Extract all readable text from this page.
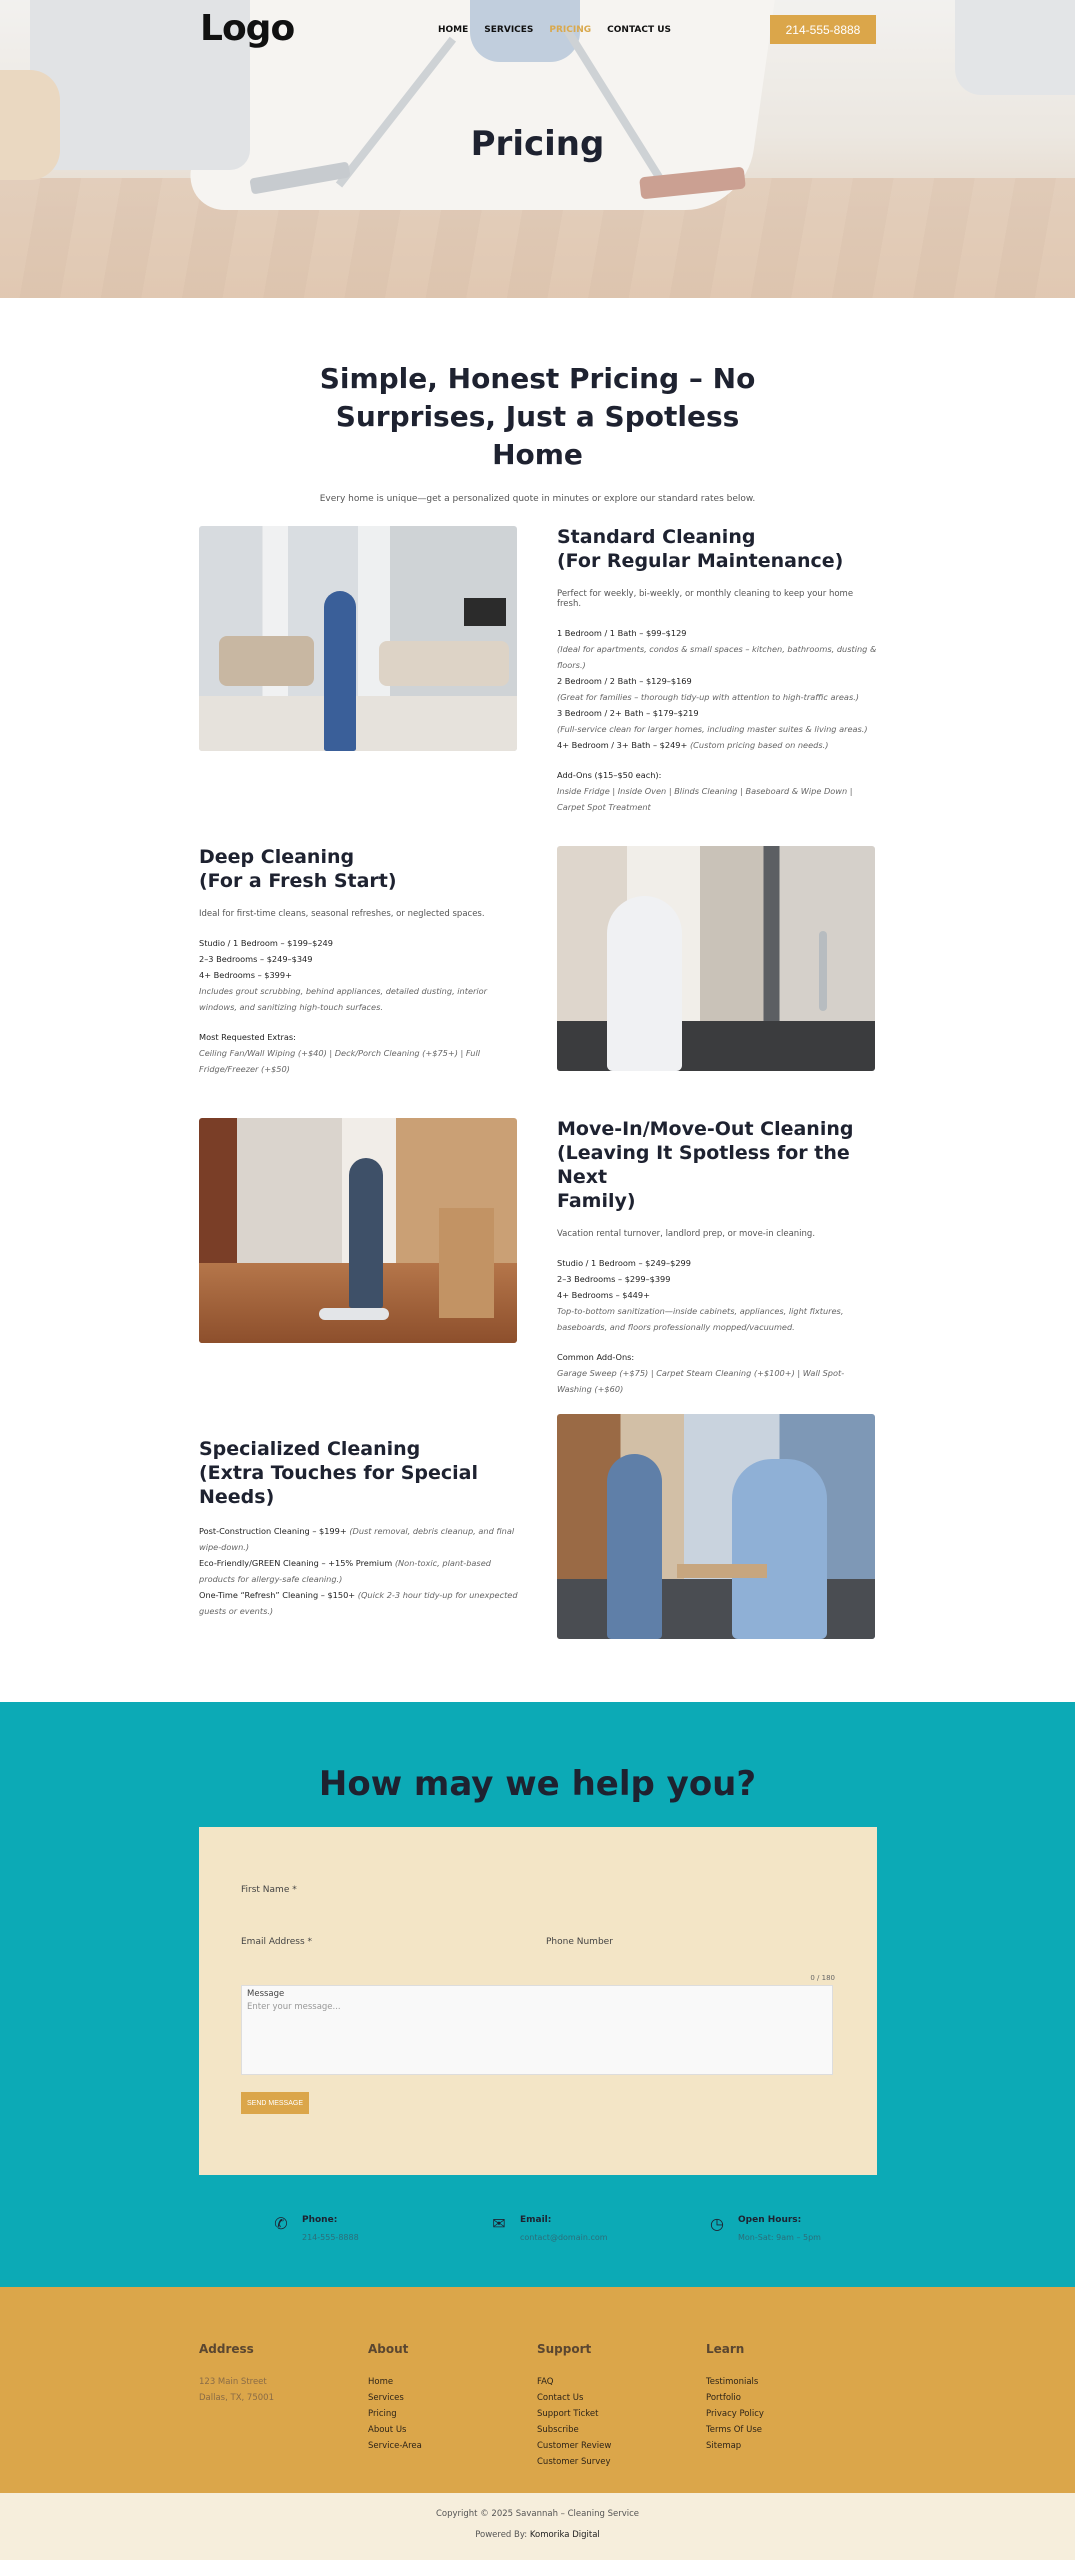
Logo	HOME SERVICES PRICING CONTACT US	214-555-8888
Pricing
Simple, Honest Pricing – No Surprises, Just a Spotless Home

Every home is unique—get a personalized quote in minutes or explore our standard rates below.

Standard Cleaning
(For Regular Maintenance)
Perfect for weekly, bi-weekly, or monthly cleaning to keep your home fresh.
1 Bedroom / 1 Bath – $99–$129
(Ideal for apartments, condos & small spaces – kitchen, bathrooms, dusting & floors.)
2 Bedroom / 2 Bath – $129–$169
(Great for families – thorough tidy-up with attention to high-traffic areas.)
3 Bedroom / 2+ Bath – $179–$219
(Full-service clean for larger homes, including master suites & living areas.)
4+ Bedroom / 3+ Bath – $249+ (Custom pricing based on needs.)
Add-Ons ($15–$50 each):
Inside Fridge | Inside Oven | Blinds Cleaning | Baseboard & Wipe Down | Carpet Spot Treatment
Deep Cleaning
(For a Fresh Start)
Ideal for first-time cleans, seasonal refreshes, or neglected spaces.
Studio / 1 Bedroom – $199–$249
2–3 Bedrooms – $249–$349
4+ Bedrooms – $399+
Includes grout scrubbing, behind appliances, detailed dusting, interior windows, and sanitizing high-touch surfaces.
Most Requested Extras:
Ceiling Fan/Wall Wiping (+$40) | Deck/Porch Cleaning (+$75+) | Full Fridge/Freezer (+$50)
Move-In/Move-Out Cleaning
(Leaving It Spotless for the Next
Family)
Vacation rental turnover, landlord prep, or move-in cleaning.
Studio / 1 Bedroom – $249–$299
2–3 Bedrooms – $299–$399
4+ Bedrooms – $449+
Top-to-bottom sanitization—inside cabinets, appliances, light fixtures, baseboards, and floors professionally mopped/vacuumed.
Common Add-Ons:
Garage Sweep (+$75) | Carpet Steam Cleaning (+$100+) | Wall Spot-Washing (+$60)
Specialized Cleaning
(Extra Touches for Special
Needs)
Post-Construction Cleaning – $199+ (Dust removal, debris cleanup, and final wipe-down.)
Eco-Friendly/GREEN Cleaning – +15% Premium (Non-toxic, plant-based products for allergy-safe cleaning.)
One-Time “Refresh” Cleaning – $150+ (Quick 2-3 hour tidy-up for unexpected guests or events.)
How may we help you?
First Name *
Email Address *	Phone Number
0 / 180
Message
Enter your message...
SEND MESSAGE
✆ Phone:
214-555-8888
✉ Email:
contact@domain.com
◷ Open Hours:
Mon-Sat: 9am – 5pm
Address
123 Main Street
Dallas, TX, 75001
About
Home
Services
Pricing
About Us
Service-Area
Support
FAQ
Contact Us
Support Ticket
Subscribe
Customer Review
Customer Survey
Learn
Testimonials
Portfolio
Privacy Policy
Terms Of Use
Sitemap
Copyright © 2025 Savannah – Cleaning Service
Powered By: Komorika Digital
